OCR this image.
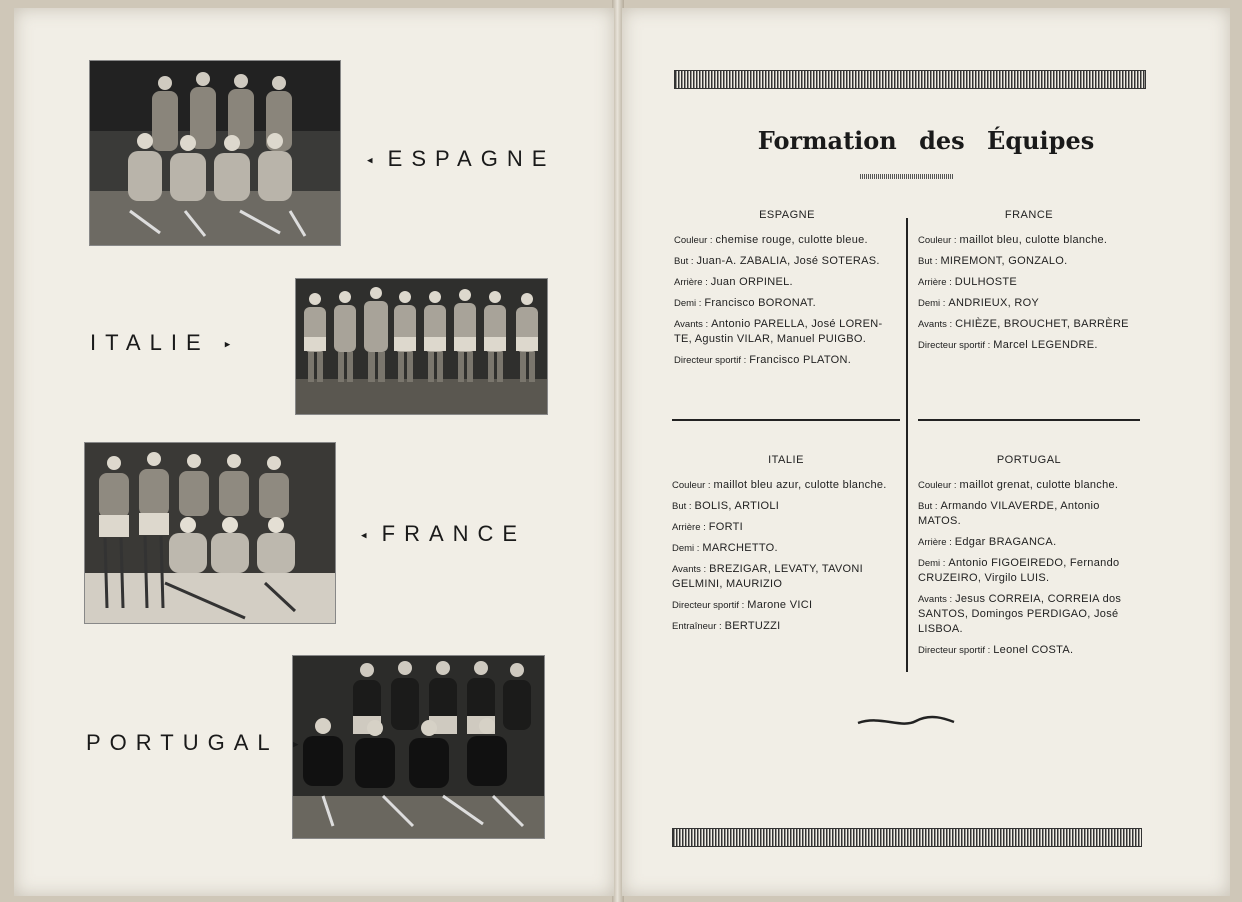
◂ ESPAGNE
ITALIE ▸
◂ FRANCE
PORTUGAL ▸
Formation des Équipes
ESPAGNE
Couleur : chemise rouge, culotte bleue.
But : Juan-A. ZABALIA, José SOTERAS.
Arrière : Juan ORPINEL.
Demi : Francisco BORONAT.
Avants : Antonio PARELLA, José LOREN-TE, Agustin VILAR, Manuel PUIGBO.
Directeur sportif : Francisco PLATON.
FRANCE
Couleur : maillot bleu, culotte blanche.
But : MIREMONT, GONZALO.
Arrière : DULHOSTE
Demi : ANDRIEUX, ROY
Avants : CHIÈZE, BROUCHET, BARRÈRE
Directeur sportif : Marcel LEGENDRE.
ITALIE
Couleur : maillot bleu azur, culotte blanche.
But : BOLIS, ARTIOLI
Arrière : FORTI
Demi : MARCHETTO.
Avants : BREZIGAR, LEVATY, TAVONI GELMINI, MAURIZIO
Directeur sportif : Marone VICI
Entraîneur : BERTUZZI
PORTUGAL
Couleur : maillot grenat, culotte blanche.
But : Armando VILAVERDE, Antonio MATOS.
Arrière : Edgar BRAGANCA.
Demi : Antonio FIGOEIREDO, Fernando CRUZEIRO, Virgilo LUIS.
Avants : Jesus CORREIA, CORREIA dos SANTOS, Domingos PERDIGAO, José LISBOA.
Directeur sportif : Leonel COSTA.
